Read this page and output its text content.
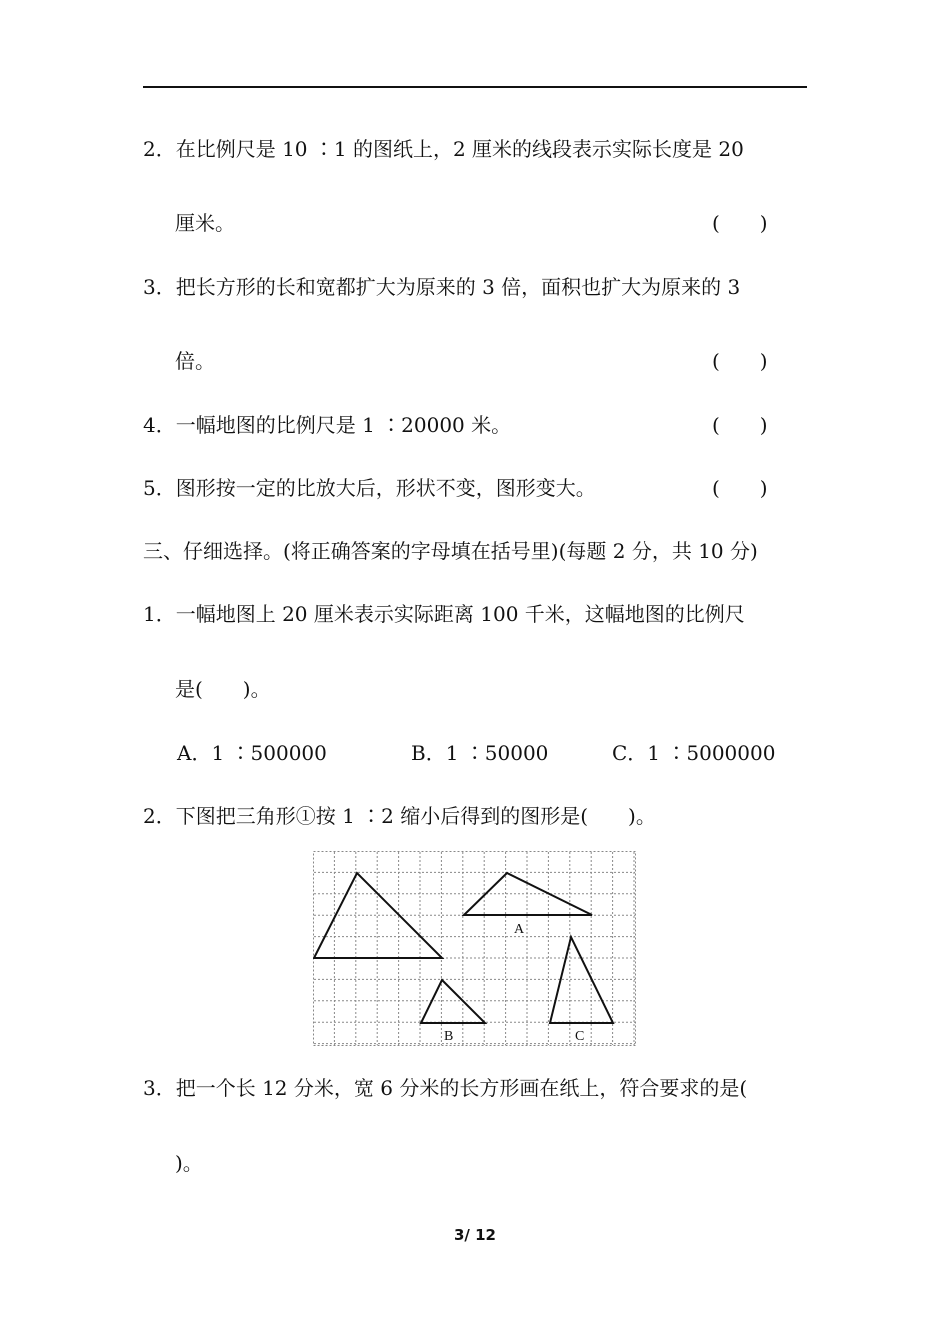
2．在比例尺是 10 ∶1 的图纸上，2 厘米的线段表示实际长度是 20
厘米。	(　　)
3．把长方形的长和宽都扩大为原来的 3 倍，面积也扩大为原来的 3
倍。	(　　)
4．一幅地图的比例尺是 1 ∶20000 米。	(　　)
5．图形按一定的比放大后，形状不变，图形变大。	(　　)
三、仔细选择。(将正确答案的字母填在括号里)(每题 2 分，共 10 分)
1．一幅地图上 20 厘米表示实际距离 100 千米，这幅地图的比例尺
是(　　)。
A．1 ∶500000	B．1 ∶50000	C．1 ∶5000000
2．下图把三角形①按 1 ∶2 缩小后得到的图形是(　　)。
A
B	C
3．把一个长 12 分米，宽 6 分米的长方形画在纸上，符合要求的是(
)。
3/ 12
